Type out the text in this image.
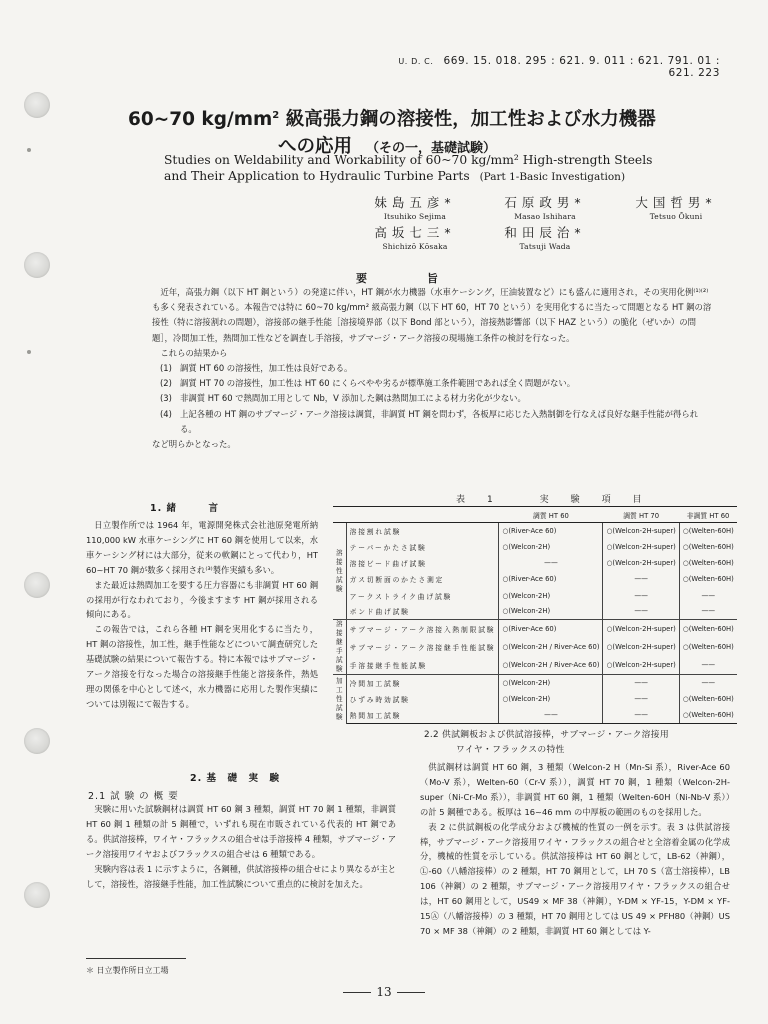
U. D. C. 669. 15. 018. 295 : 621. 9. 011 : 621. 791. 01 : 621. 223
60~70 $kg/mm^2$ 級高張力鋼の溶接性，加工性および水力機器
への応用 （その一，基礎試験）
Studies on Weldability and Workability of 60~70 kg/mm² High-strength Steels
and Their Application to Hydraulic Turbine Parts (Part 1-Basic Investigation)
妹島五彦*
Itsuhiko Sejima
石原政男*
Masao Ishihara
大国哲男*
Tetsuo Ōkuni
高坂七三*
Shichizō Kōsaka
和田辰治*
Tatsuji Wada
要旨

近年，高張力鋼（以下 HT 鋼という）の発達に伴い，HT 鋼が水力機器（水車ケーシング，圧油装置など）にも盛んに適用され，その実用化例⁽¹⁾⁽²⁾も多く発表されている。本報告では特に 60~70 kg/mm² 級高張力鋼（以下 HT 60，HT 70 という）を実用化するに当たって問題となる HT 鋼の溶接性（特に溶接割れの問題），溶接部の継手性能［溶接境界部（以下 Bond 部という），溶接熱影響部（以下 HAZ という）の脆化（ぜいか）の問題］，冷間加工性，熱間加工性などを調査し手溶接，サブマージ・アーク溶接の現場施工条件の検討を行なった。

これらの結果から

(1) 調質 HT 60 の溶接性，加工性は良好である。
(2) 調質 HT 70 の溶接性，加工性は HT 60 にくらべやや劣るが標準施工条件範囲であれば全く問題がない。
(3) 非調質 HT 60 で熱間加工用として Nb，V 添加した鋼は熱間加工による材力劣化が少ない。
(4) 上記各種の HT 鋼のサブマージ・アーク溶接は調質，非調質 HT 鋼を問わず，各板厚に応じた入熱制御を行なえば良好な継手性能が得られる。

など明らかとなった。

1. 緒　　　言

日立製作所では 1964 年，電源開発株式会社池原発電所納 110,000 kW 水車ケーシングに HT 60 鋼を使用して以来，水車ケーシング材には大部分，従来の軟鋼にとって代わり，HT 60~HT 70 鋼が数多く採用され⁽³⁾製作実績も多い。

また最近は熱間加工を要する圧力容器にも非調質 HT 60 鋼の採用が行なわれており，今後ますます HT 鋼が採用される傾向にある。

この報告では，これら各種 HT 鋼を実用化するに当たり，HT 鋼の溶接性，加工性，継手性能などについて調査研究した基礎試験の結果について報告する。特に本報ではサブマージ・アーク溶接を行なった場合の溶接継手性能と溶接条件，熱処理の関係を中心として述べ，水力機器に応用した製作実績については別報にて報告する。

2. 基　礎　実　験
2.1 試 験 の 概 要

実験に用いた試験鋼材は調質 HT 60 鋼 3 種類，調質 HT 70 鋼 1 種類，非調質 HT 60 鋼 1 種類の計 5 鋼種で，いずれも現在市販されている代表的 HT 鋼である。供試溶接棒，ワイヤ・フラックスの組合せは手溶接棒 4 種類，サブマージ・アーク溶接用ワイヤおよびフラックスの組合せは 6 種類である。

実験内容は表 1 に示すように，各鋼種，供試溶接棒の組合せにより異なるが主として，溶接性，溶接継手性能，加工性試験について重点的に検討を加えた。

表1 実験項目
		調質 HT 60	調質 HT 70	非調質 HT 60
溶接性試験	溶接割れ試験	○(River-Ace 60)	○(Welcon-2H-super)	○(Welten-60H)
	テーパーかたさ試験	○(Welcon-2H)	○(Welcon-2H-super)	○(Welten-60H)
	溶接ビード曲げ試験	——	○(Welcon-2H-super)	○(Welten-60H)
	ガス切断面のかたさ測定	○(River-Ace 60)	——	○(Welten-60H)
	アークストライク曲げ試験	○(Welcon-2H)	——	——
	ボンド曲げ試験	○(Welcon-2H)	——	——
溶接継手試験	サブマージ・アーク溶接入熱制限試験	○(River-Ace 60)	○(Welcon-2H-super)	○(Welten-60H)
	サブマージ・アーク溶接継手性能試験	○(Welcon-2H / River-Ace 60)	○(Welcon-2H-super)	○(Welten-60H)
	手溶接継手性能試験	○(Welcon-2H / River-Ace 60)	○(Welcon-2H-super)	——
加工性試験	冷間加工試験	○(Welcon-2H)	——	——
	ひずみ時効試験	○(Welcon-2H)	——	○(Welten-60H)
	熱間加工試験	——	——	○(Welten-60H)
2.2 供試鋼板および供試溶接棒，サブマージ・アーク溶接用
ワイヤ・フラックスの特性

供試鋼材は調質 HT 60 鋼，3 種類（Welcon-2 H（Mn-Si 系），River-Ace 60（Mo-V 系），Welten-60（Cr-V 系）），調質 HT 70 鋼，1 種類（Welcon-2H-super（Ni-Cr-Mo 系）），非調質 HT 60 鋼，1 種類（Welten-60H（Ni-Nb-V 系））の計 5 鋼種である。板厚は 16~46 mm の中厚板の範囲のものを採用した。

表 2 に供試鋼板の化学成分および機械的性質の一例を示す。表 3 は供試溶接棒，サブマージ・アーク溶接用ワイヤ・フラックスの組合せと全溶着金属の化学成分，機械的性質を示している。供試溶接棒は HT 60 鋼として，LB-62（神鋼），Ⓛ-60（八幡溶接棒）の 2 種類，HT 70 鋼用として，LH 70 S（富士溶接棒），LB 106（神鋼）の 2 種類，サブマージ・アーク溶接用ワイヤ・フラックスの組合せは，HT 60 鋼用として，US49 × MF 38（神鋼），Y-DM × YF-15，Y-DM × YF-15Ⓐ（八幡溶接棒）の 3 種類，HT 70 鋼用としては US 49 × PFH80（神鋼）US 70 × MF 38（神鋼）の 2 種類，非調質 HT 60 鋼としては Y-

＊ 日立製作所日立工場
13
